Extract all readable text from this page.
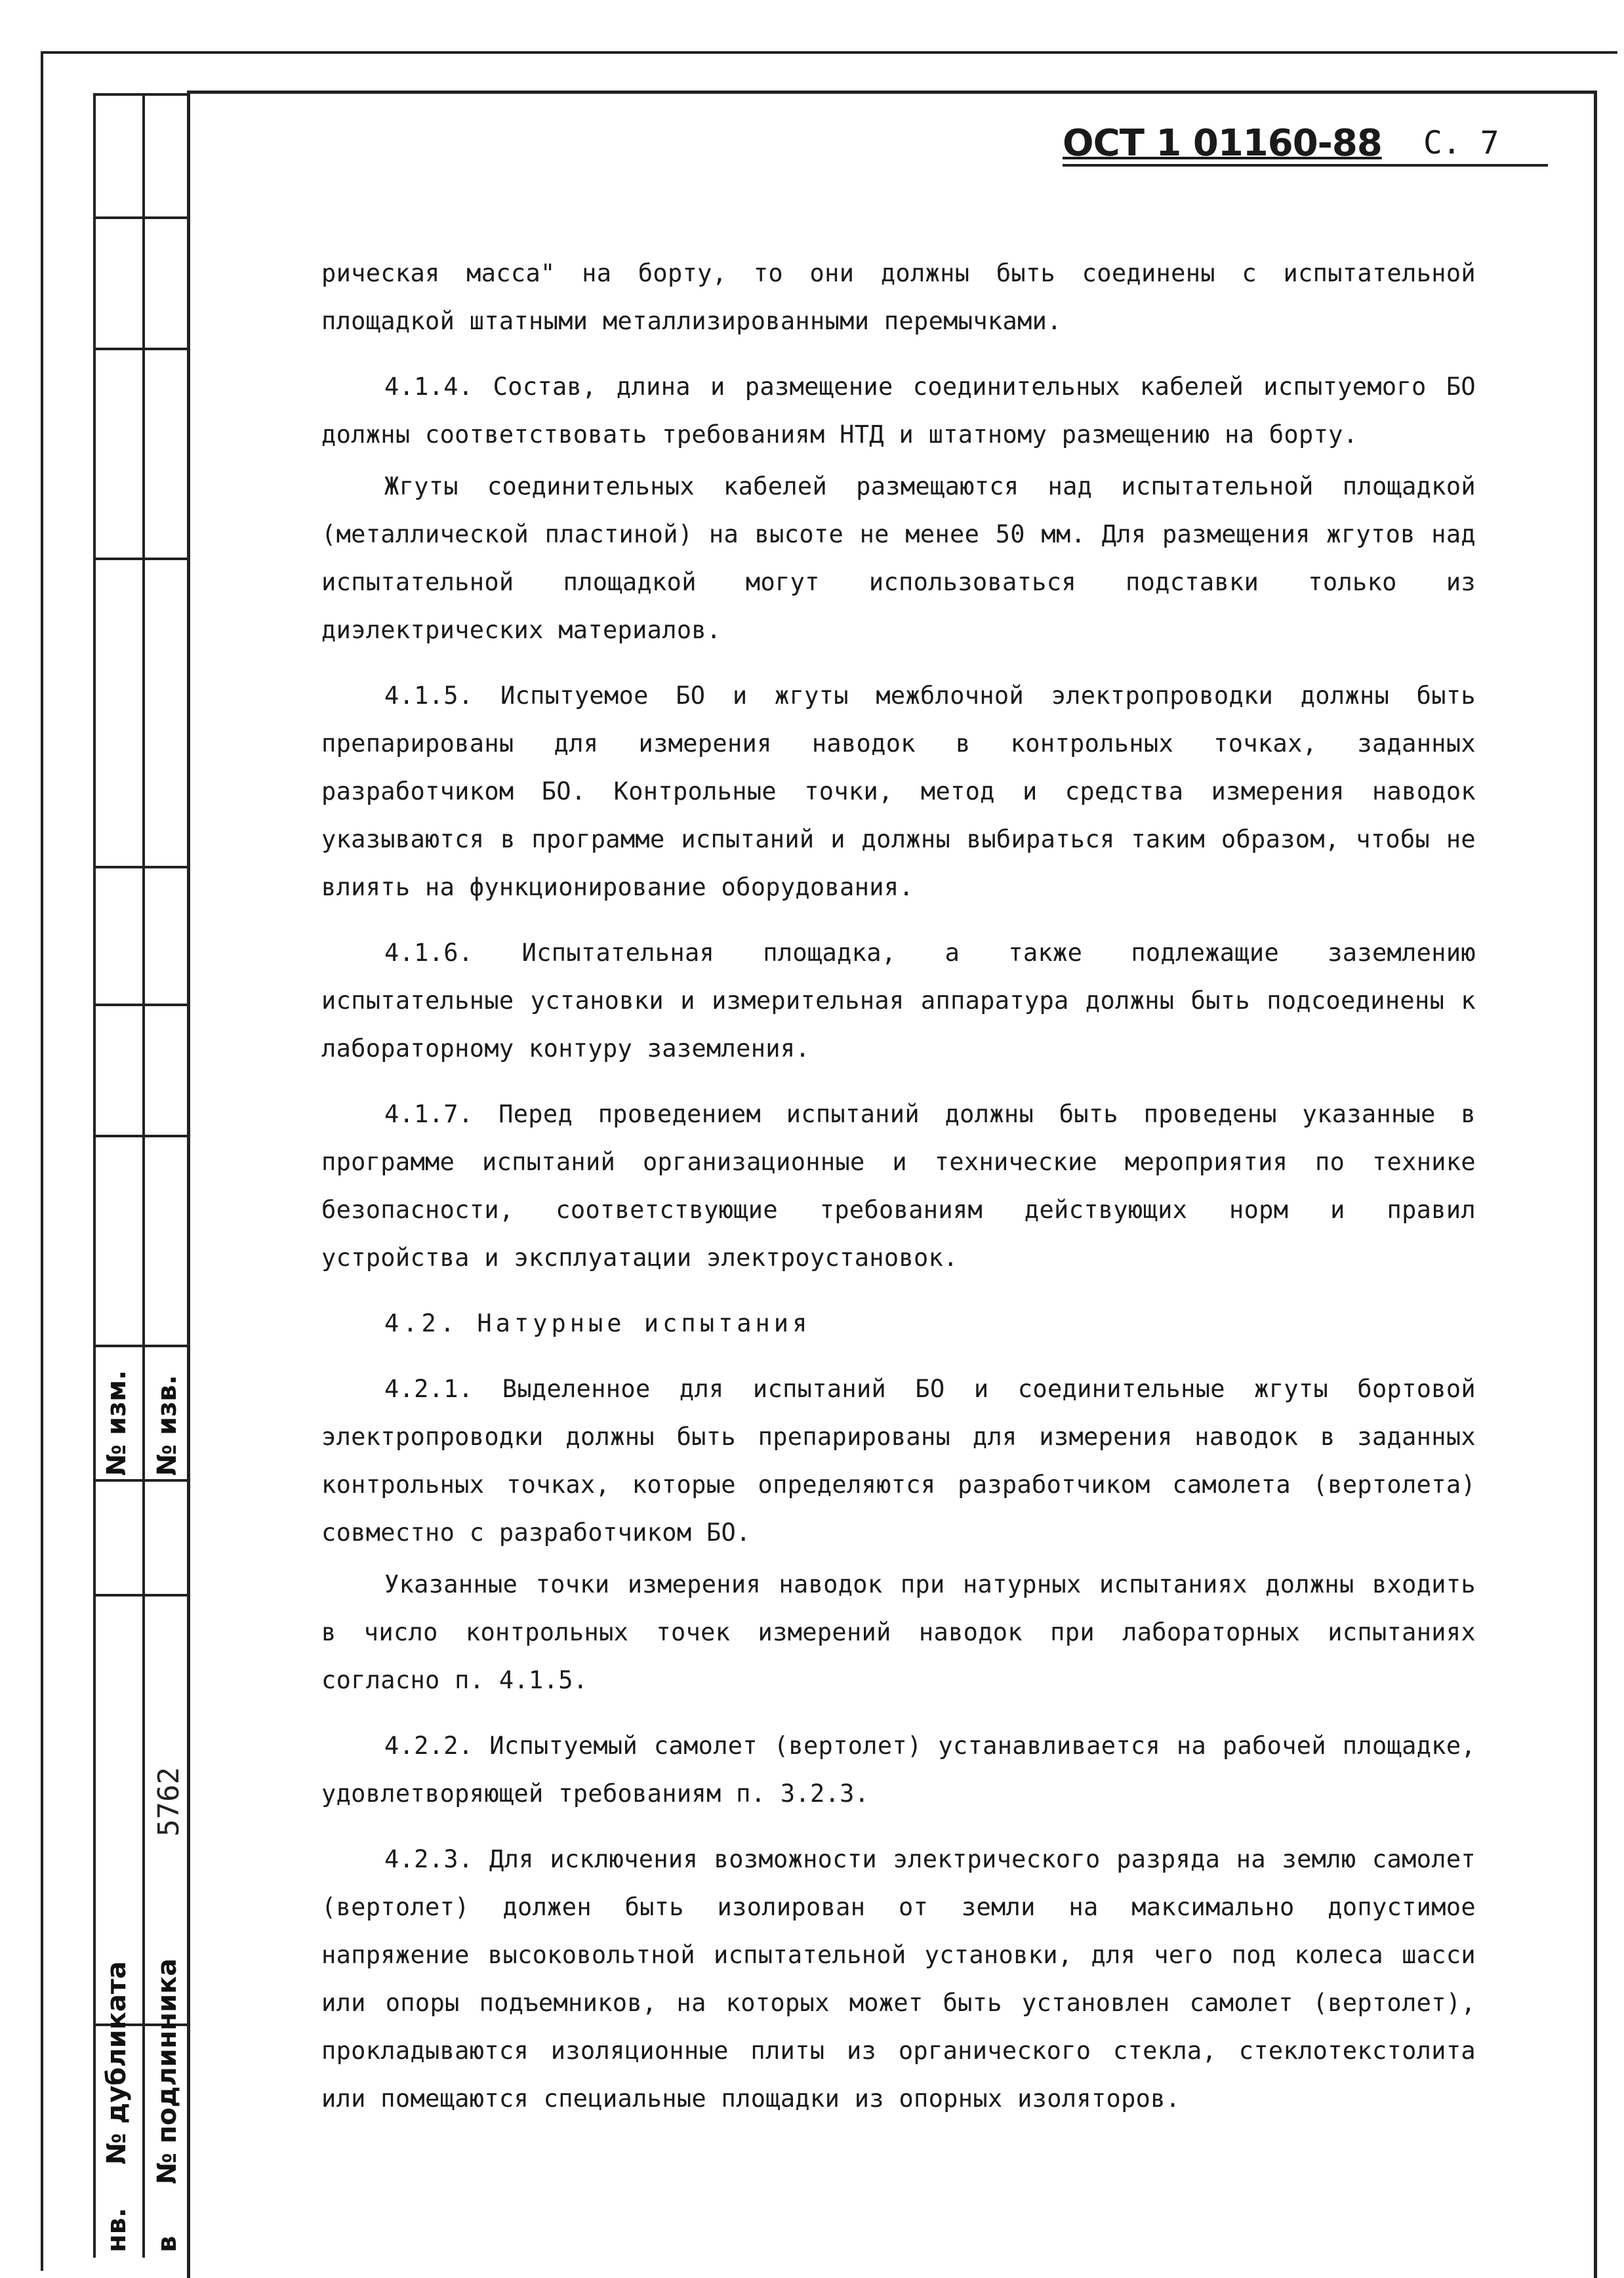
№ изм. № изв.
5762
№ дубликата № подлинника
нв. в
ОСТ 1 01160-88 С. 7

рическая масса" на борту, то они должны быть соединены с испытательной площадкой штатными металлизированными перемычками.

4.1.4. Состав, длина и размещение соединительных кабелей испытуемого БО должны соответствовать требованиям НТД и штатному размещению на борту.

Жгуты соединительных кабелей размещаются над испытательной площадкой (металлической пластиной) на высоте не менее 50 мм. Для размещения жгутов над испытательной площадкой могут использоваться подставки только из диэлектрических материалов.

4.1.5. Испытуемое БО и жгуты межблочной электропроводки должны быть препарированы для измерения наводок в контрольных точках, заданных разработчиком БО. Контрольные точки, метод и средства измерения наводок указываются в программе испытаний и должны выбираться таким образом, чтобы не влиять на функционирование оборудования.

4.1.6. Испытательная площадка, а также подлежащие заземлению испытательные установки и измерительная аппаратура должны быть подсоединены к лабораторному контуру заземления.

4.1.7. Перед проведением испытаний должны быть проведены указанные в программе испытаний организационные и технические мероприятия по технике безопасности, соответствующие требованиям действующих норм и правил устройства и эксплуатации электроустановок.

4.2. Натурные испытания

4.2.1. Выделенное для испытаний БО и соединительные жгуты бортовой электропроводки должны быть препарированы для измерения наводок в заданных контрольных точках, которые определяются разработчиком самолета (вертолета) совместно с разработчиком БО.

Указанные точки измерения наводок при натурных испытаниях должны входить в число контрольных точек измерений наводок при лабораторных испытаниях согласно п. 4.1.5.

4.2.2. Испытуемый самолет (вертолет) устанавливается на рабочей площадке, удовлетворяющей требованиям п. 3.2.3.

4.2.3. Для исключения возможности электрического разряда на землю самолет (вертолет) должен быть изолирован от земли на максимально допустимое напряжение высоковольтной испытательной установки, для чего под колеса шасси или опоры подъемников, на которых может быть установлен самолет (вертолет), прокладываются изоляционные плиты из органического стекла, стеклотекстолита или помещаются специальные площадки из опорных изоляторов.
